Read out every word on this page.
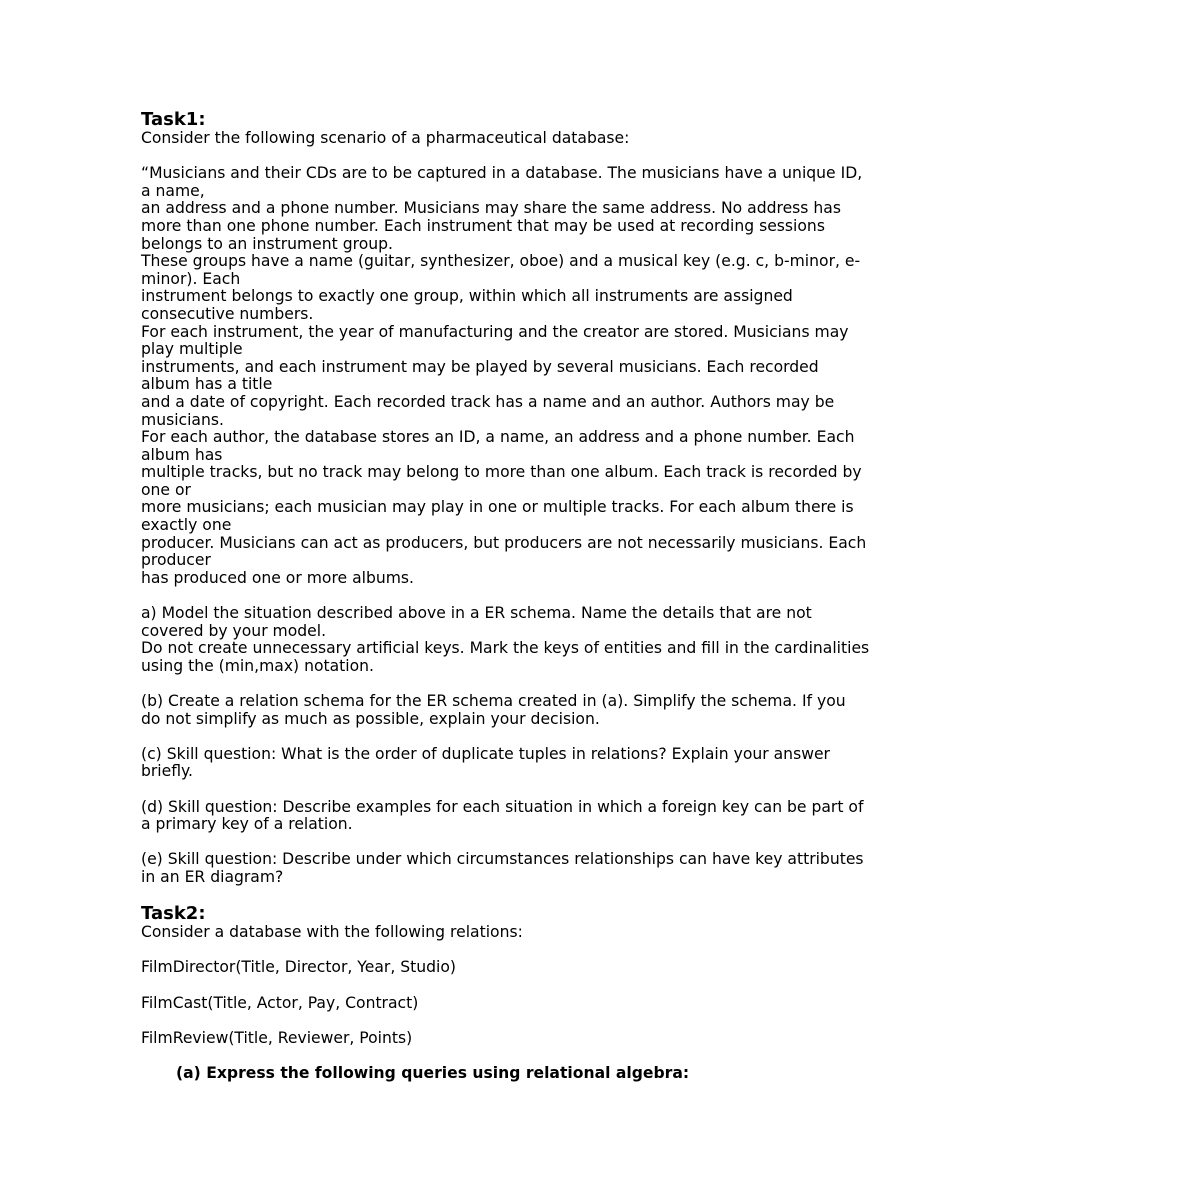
Task1:
Consider the following scenario of a pharmaceutical database:
“Musicians and their CDs are to be captured in a database. The musicians have a unique ID,
a name,
an address and a phone number. Musicians may share the same address. No address has
more than one phone number. Each instrument that may be used at recording sessions
belongs to an instrument group.
These groups have a name (guitar, synthesizer, oboe) and a musical key (e.g. c, b-minor, e-
minor). Each
instrument belongs to exactly one group, within which all instruments are assigned
consecutive numbers.
For each instrument, the year of manufacturing and the creator are stored. Musicians may
play multiple
instruments, and each instrument may be played by several musicians. Each recorded
album has a title
and a date of copyright. Each recorded track has a name and an author. Authors may be
musicians.
For each author, the database stores an ID, a name, an address and a phone number. Each
album has
multiple tracks, but no track may belong to more than one album. Each track is recorded by
one or
more musicians; each musician may play in one or multiple tracks. For each album there is
exactly one
producer. Musicians can act as producers, but producers are not necessarily musicians. Each
producer
has produced one or more albums.
a) Model the situation described above in a ER schema. Name the details that are not
covered by your model.
Do not create unnecessary artificial keys. Mark the keys of entities and fill in the cardinalities
using the (min,max) notation.
(b) Create a relation schema for the ER schema created in (a). Simplify the schema. If you
do not simplify as much as possible, explain your decision.
(c) Skill question: What is the order of duplicate tuples in relations? Explain your answer
briefly.
(d) Skill question: Describe examples for each situation in which a foreign key can be part of
a primary key of a relation.
(e) Skill question: Describe under which circumstances relationships can have key attributes
in an ER diagram?
Task2:
Consider a database with the following relations:
FilmDirector(Title, Director, Year, Studio)
FilmCast(Title, Actor, Pay, Contract)
FilmReview(Title, Reviewer, Points)
(a) Express the following queries using relational algebra:
